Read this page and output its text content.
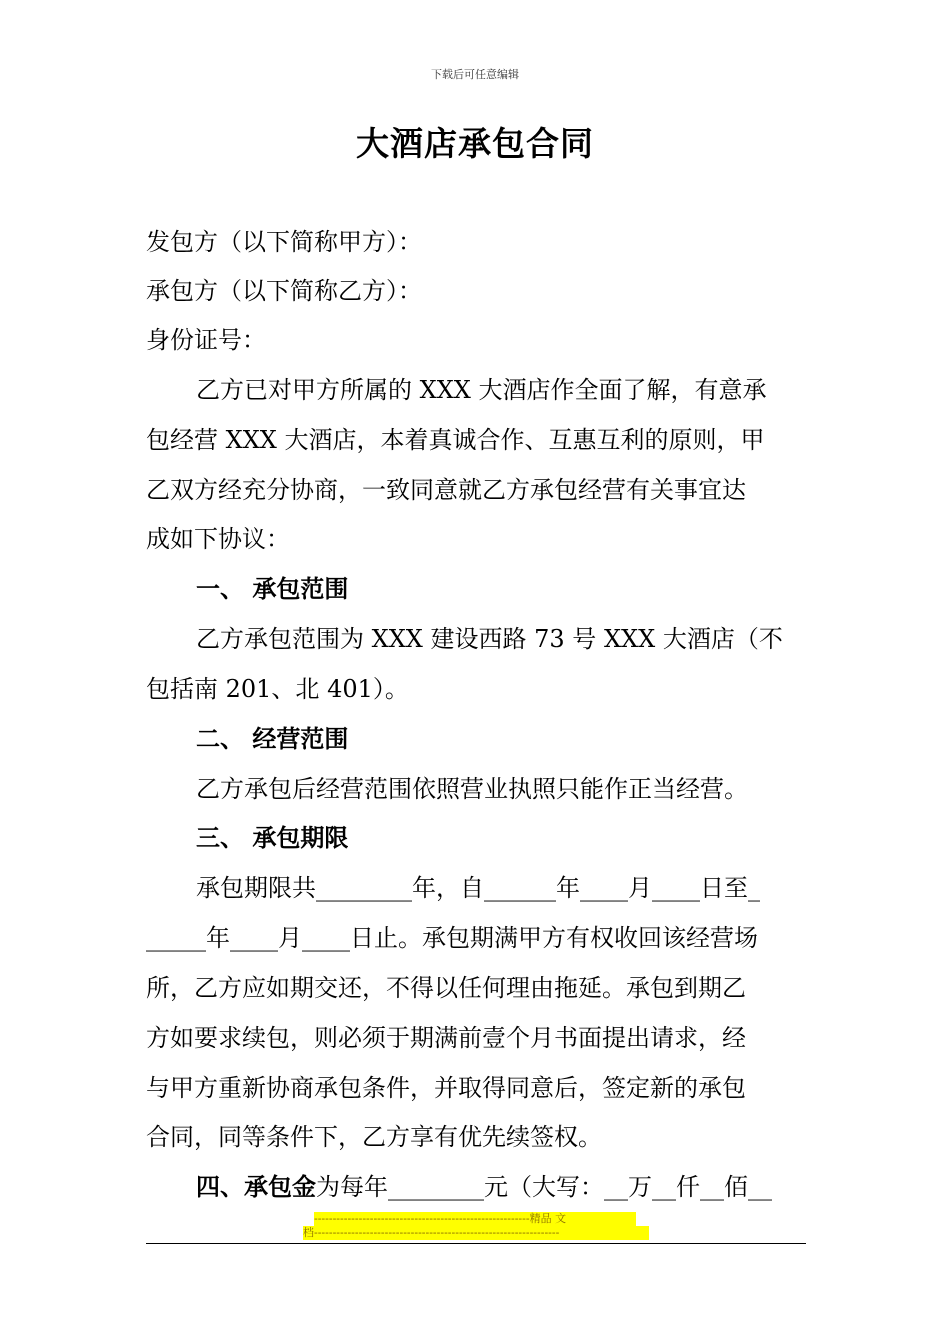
下载后可任意编辑
大酒店承包合同
发包方（以下简称甲方）：
承包方（以下简称乙方）：
身份证号：
乙方已对甲方所属的 XXX 大酒店作全面了解，有意承
包经营 XXX 大酒店，本着真诚合作、互惠互利的原则，甲
乙双方经充分协商，一致同意就乙方承包经营有关事宜达
成如下协议：
一、 承包范围
乙方承包范围为 XXX 建设西路 73 号 XXX 大酒店（不
包括南 201、北 401）。
二、 经营范围
乙方承包后经营范围依照营业执照只能作正当经营。
三、 承包期限
承包期限共________年，自______年____月____日至_
_____年____月____日止。承包期满甲方有权收回该经营场
所，乙方应如期交还，不得以任何理由拖延。承包到期乙
方如要求续包，则必须于期满前壹个月书面提出请求，经
与甲方重新协商承包条件，并取得同意后，签定新的承包
合同，同等条件下，乙方享有优先续签权。
四、承包金为每年________元（大写：__万__仟__佰__
----------------------------------------------------------精品 文
档------------------------------------------------------------------
